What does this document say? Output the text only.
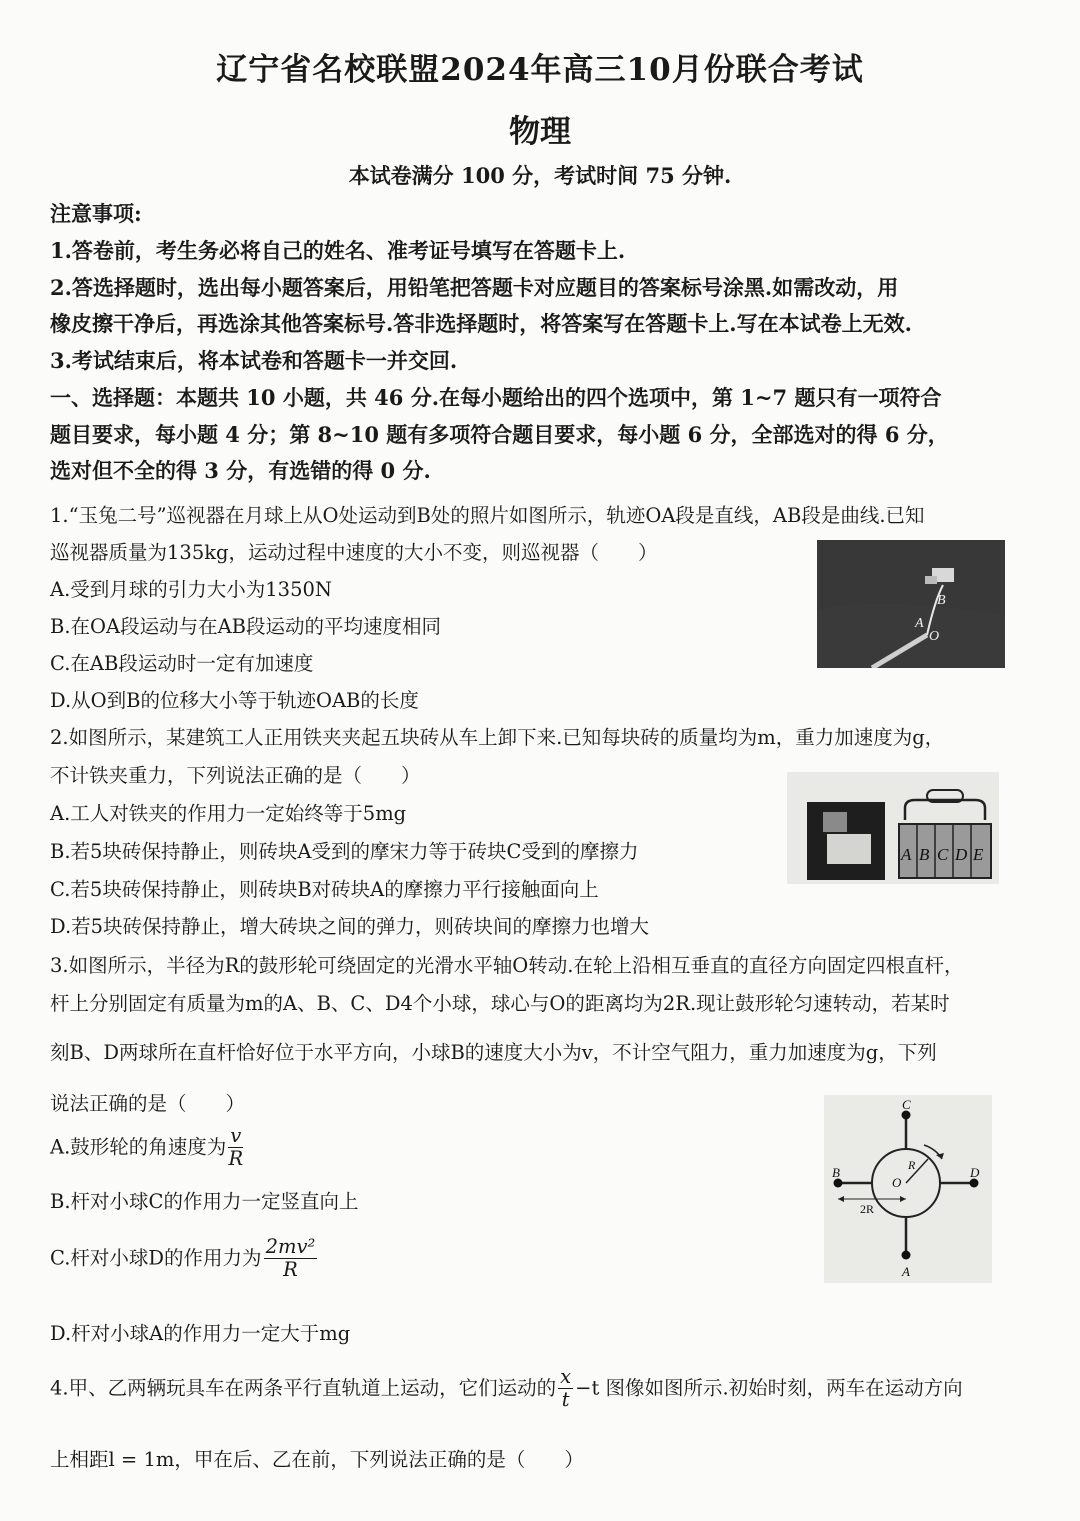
辽宁省名校联盟2024年高三10月份联合考试
物理
本试卷满分 100 分，考试时间 75 分钟.
注意事项:
1.答卷前，考生务必将自己的姓名、准考证号填写在答题卡上.
2.答选择题时，选出每小题答案后，用铅笔把答题卡对应题目的答案标号涂黑.如需改动，用
橡皮擦干净后，再选涂其他答案标号.答非选择题时，将答案写在答题卡上.写在本试卷上无效.
3.考试结束后，将本试卷和答题卡一并交回.
一、选择题：本题共 10 小题，共 46 分.在每小题给出的四个选项中，第 1~7 题只有一项符合
题目要求，每小题 4 分；第 8~10 题有多项符合题目要求，每小题 6 分，全部选对的得 6 分，
选对但不全的得 3 分，有选错的得 0 分.
1.“玉兔二号”巡视器在月球上从O处运动到B处的照片如图所示，轨迹OA段是直线，AB段是曲线.已知
巡视器质量为135kg，运动过程中速度的大小不变，则巡视器（　　）
A.受到月球的引力大小为1350N
B.在OA段运动与在AB段运动的平均速度相同
C.在AB段运动时一定有加速度
D.从O到B的位移大小等于轨迹OAB的长度
B
A
O
2.如图所示，某建筑工人正用铁夹夹起五块砖从车上卸下来.已知每块砖的质量均为m，重力加速度为g，
不计铁夹重力，下列说法正确的是（　　）
A.工人对铁夹的作用力一定始终等于5mg
B.若5块砖保持静止，则砖块A受到的摩宋力等于砖块C受到的摩擦力
C.若5块砖保持静止，则砖块B对砖块A的摩擦力平行接触面向上
D.若5块砖保持静止，增大砖块之间的弹力，则砖块间的摩擦力也增大
A B C D E
3.如图所示，半径为R的鼓形轮可绕固定的光滑水平轴O转动.在轮上沿相互垂直的直径方向固定四根直杆，
杆上分别固定有质量为m的A、B、C、D4个小球，球心与O的距离均为2R.现让鼓形轮匀速转动，若某时
刻B、D两球所在直杆恰好位于水平方向，小球B的速度大小为v，不计空气阻力，重力加速度为g，下列
说法正确的是（　　）
A.鼓形轮的角速度为 $\frac{v}{R}$
B.杆对小球C的作用力一定竖直向上
C.杆对小球D的作用力为 $\frac{\text{2mv²}}{R}$
D.杆对小球A的作用力一定大于mg
C
A
B	D
O
R
2R
4.甲、乙两辆玩具车在两条平行直轨道上运动，它们运动的 $\frac{x}{t} -t$ 图像如图所示.初始时刻，两车在运动方向
上相距l = 1m，甲在后、乙在前，下列说法正确的是（　　）
